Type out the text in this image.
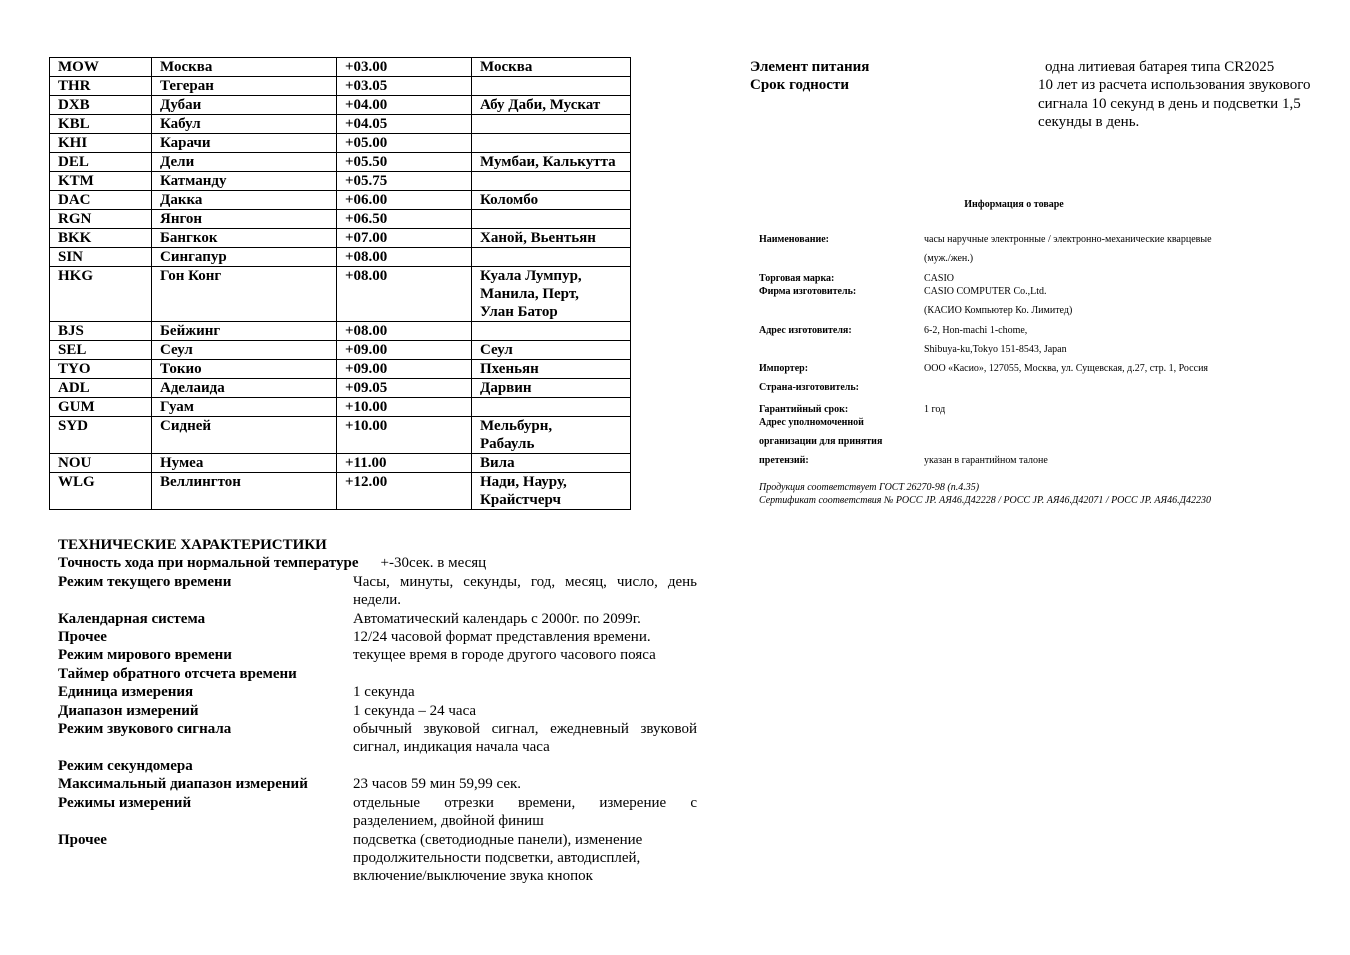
MOW	Москва	+03.00	Москва
THR	Тегеран	+03.05	
DXB	Дубаи	+04.00	Абу Даби, Мускат
KBL	Кабул	+04.05	
KHI	Карачи	+05.00	
DEL	Дели	+05.50	Мумбаи, Калькутта
KTM	Катманду	+05.75	
DAC	Дакка	+06.00	Коломбо
RGN	Янгон	+06.50	
BKK	Бангкок	+07.00	Ханой, Вьентьян
SIN	Сингапур	+08.00	
HKG	Гон Конг	+08.00	Куала Лумпур,
Манила, Перт,
Улан Батор
BJS	Бейжинг	+08.00	
SEL	Сеул	+09.00	Сеул
TYO	Токио	+09.00	Пхеньян
ADL	Аделаида	+09.05	Дарвин
GUM	Гуам	+10.00	
SYD	Сидней	+10.00	Мельбурн,
Рабауль
NOU	Нумеа	+11.00	Вила
WLG	Веллингтон	+12.00	Нади, Науру,
Крайстчерч
ТЕХНИЧЕСКИЕ ХАРАКТЕРИСТИКИ
Точность хода при нормальной температуре +-30сек. в месяц
Режим текущего времени	Часы, минуты, секунды, год, месяц, число, день недели.
Календарная система	Автоматический календарь с 2000г. по 2099г.
Прочее	12/24 часовой формат представления времени.
Режим мирового времени	текущее время в городе другого часового пояса
Таймер обратного отсчета времени
Единица измерения	1 секунда
Диапазон измерений	1 секунда – 24 часа
Режим звукового сигнала	обычный звуковой сигнал, ежедневный звуковой сигнал, индикация начала часа
Режим секундомера
Максимальный диапазон измерений	23 часов 59 мин 59,99 сек.
Режимы измерений	отдельные отрезки времени, измерение с разделением, двойной финиш
Прочее	подсветка (светодиодные панели), изменение продолжительности подсветки, автодисплей, включение/выключение звука кнопок
Элемент питания	одна литиевая батарея типа CR2025
Срок годности	10 лет из расчета использования звукового сигнала 10 секунд в день и подсветки 1,5 секунды в день.
Информация о товаре
Наименование:	часы наручные электронные / электронно-механические кварцевые
(муж./жен.)
Торговая марка:	CASIO
Фирма изготовитель:	CASIO COMPUTER Co.,Ltd.
(КАСИО Компьютер Ко. Лимитед)
Адрес изготовителя:	6-2, Hon-machi 1-chome,
Shibuya-ku,Tokyo 151-8543, Japan
Импортер:	ООО «Касио», 127055, Москва, ул. Сущевская, д.27, стр. 1, Россия
Страна-изготовитель:
Гарантийный срок:	1 год
Адрес уполномоченной
организации для принятия
претензий:	указан в гарантийном талоне
Продукция соответствует ГОСТ 26270-98 (п.4.35)
Сертификат соответствия № РОСС JP. АЯ46.Д42228 / РОСС JP. АЯ46.Д42071 / РОСС JP. АЯ46.Д42230
